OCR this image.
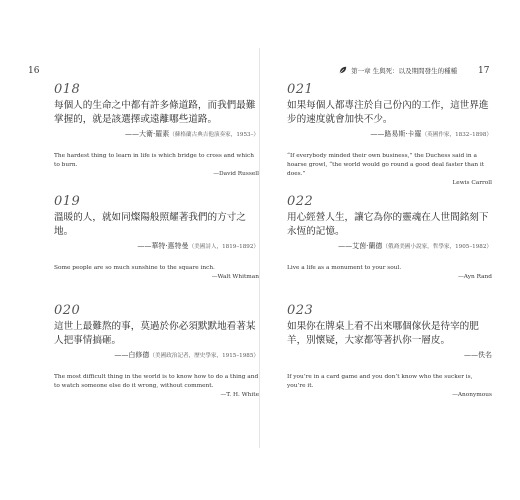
16	第一章 生與死：以及期間發生的種種 17
018
每個人的生命之中都有許多條道路，而我們最難掌握的，就是該選擇或遠離哪些道路。
——大衛·羅素（蘇格蘭古典吉他演奏家，1953–）
The hardest thing to learn in life is which bridge to cross and which to burn.
—David Russell
019
溫暖的人，就如同燦陽般照耀著我們的方寸之地。
——華特·惠特曼（美國詩人，1819–1892）
Some people are so much sunshine to the square inch.
—Walt Whitman
020
這世上最難熬的事，莫過於你必須默默地看著某人把事情搞砸。
——白修德（美國政治記者，歷史學家，1915–1985）
The most difficult thing in the world is to know how to do a thing and to watch someone else do it wrong, without comment.
—T. H. White
021
如果每個人都專注於自己份內的工作，這世界進步的速度就會加快不少。
——路易斯·卡羅（英國作家，1832–1898）
“If everybody minded their own business,” the Duchess said in a hoarse growl, “the world would go round a good deal faster than it does.”
Lewis Carroll
022
用心經營人生，讓它為你的靈魂在人世間銘刻下永恆的記憶。
——艾茵·蘭德（俄裔美國小說家，哲學家，1905–1982）
Live a life as a monument to your soul.
—Ayn Rand
023
如果你在牌桌上看不出來哪個傢伙是待宰的肥羊，別懷疑，大家都等著扒你一層皮。
——佚名
If you’re in a card game and you don’t know who the sucker is, you’re it.
—Anonymous
